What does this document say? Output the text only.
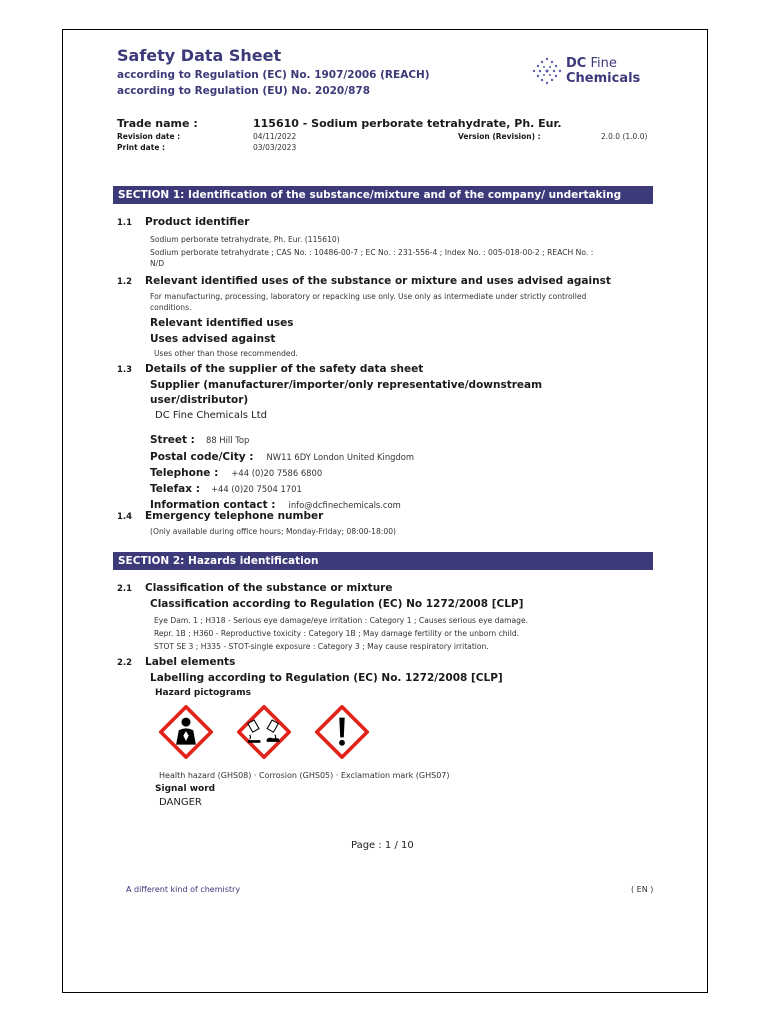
Safety Data Sheet
according to Regulation (EC) No. 1907/2006 (REACH)
according to Regulation (EU) No. 2020/878
DC Fine
Chemicals
Trade name :	115610 - Sodium perborate tetrahydrate, Ph. Eur.
Revision date :	04/11/2022
Print date :	03/03/2023
Version (Revision) :	2.0.0 (1.0.0)
SECTION 1: Identification of the substance/mixture and of the company/ undertaking
1.1 Product identifier
Sodium perborate tetrahydrate, Ph. Eur. (115610)
Sodium perborate tetrahydrate ; CAS No. : 10486-00-7 ; EC No. : 231-556-4 ; Index No. : 005-018-00-2 ; REACH No. :
N/D
1.2 Relevant identified uses of the substance or mixture and uses advised against
For manufacturing, processing, laboratory or repacking use only. Use only as intermediate under strictly controlled
conditions.
Relevant identified uses
Uses advised against
Uses other than those recommended.
1.3 Details of the supplier of the safety data sheet
Supplier (manufacturer/importer/only representative/downstream
user/distributor)
DC Fine Chemicals Ltd
Street : 88 Hill Top
Postal code/City : NW11 6DY London United Kingdom
Telephone : +44 (0)20 7586 6800
Telefax : +44 (0)20 7504 1701
Information contact : info@dcfinechemicals.com
1.4 Emergency telephone number
(Only available during office hours; Monday-Friday; 08:00-18:00)
SECTION 2: Hazards identification
2.1 Classification of the substance or mixture
Classification according to Regulation (EC) No 1272/2008 [CLP]
Eye Dam. 1 ; H318 - Serious eye damage/eye irritation : Category 1 ; Causes serious eye damage.
Repr. 1B ; H360 - Reproductive toxicity : Category 1B ; May damage fertility or the unborn child.
STOT SE 3 ; H335 - STOT-single exposure : Category 3 ; May cause respiratory irritation.
2.2 Label elements
Labelling according to Regulation (EC) No. 1272/2008 [CLP]
Hazard pictograms
Health hazard (GHS08) · Corrosion (GHS05) · Exclamation mark (GHS07)
Signal word
DANGER
Page : 1 / 10
A different kind of chemistry	( EN )
